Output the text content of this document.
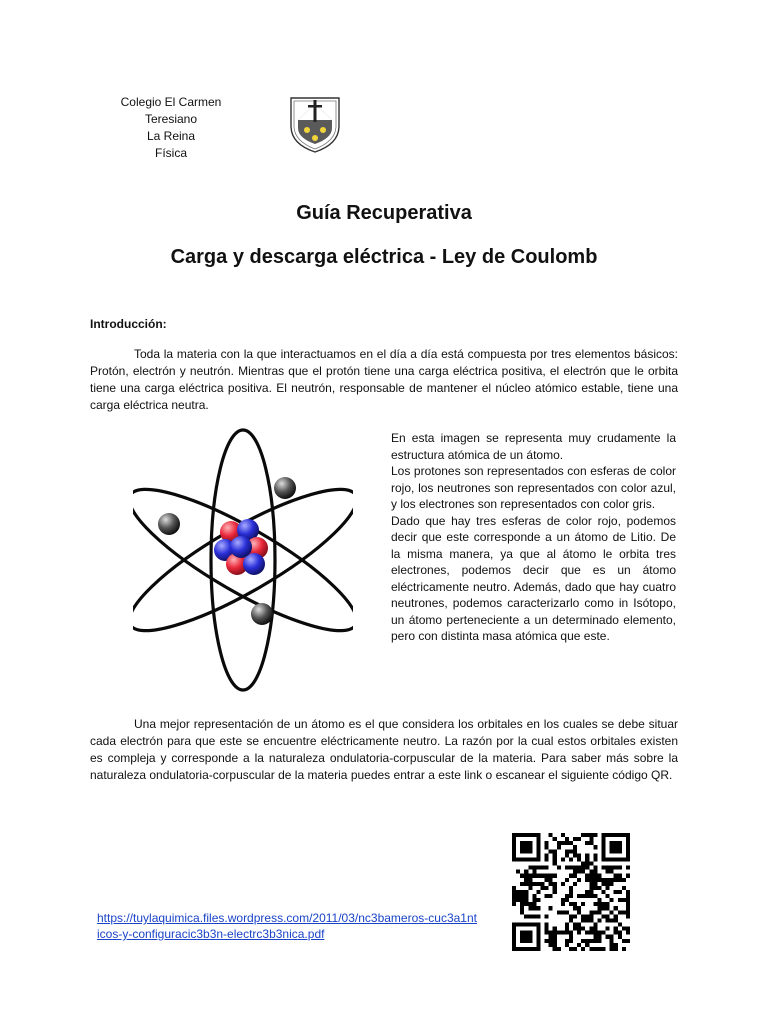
Colegio El Carmen Teresiano
La Reina
Física
Guía Recuperativa
Carga y descarga eléctrica - Ley de Coulomb
Introducción:

Toda la materia con la que interactuamos en el día a día está compuesta por tres elementos básicos: Protón, electrón y neutrón. Mientras que el protón tiene una carga eléctrica positiva, el electrón que le orbita tiene una carga eléctrica positiva. El neutrón, responsable de mantener el núcleo atómico estable, tiene una carga eléctrica neutra.

En esta imagen se representa muy crudamente la estructura atómica de un átomo.

Los protones son representados con esferas de color rojo, los neutrones son representados con color azul, y los electrones son representados con color gris.

Dado que hay tres esferas de color rojo, podemos decir que este corresponde a un átomo de Litio. De la misma manera, ya que al átomo le orbita tres electrones, podemos decir que es un átomo eléctricamente neutro. Además, dado que hay cuatro neutrones, podemos caracterizarlo como in Isótopo, un átomo perteneciente a un determinado elemento, pero con distinta masa atómica que este.

Una mejor representación de un átomo es el que considera los orbitales en los cuales se debe situar cada electrón para que este se encuentre eléctricamente neutro. La razón por la cual estos orbitales existen es compleja y corresponde a la naturaleza ondulatoria-corpuscular de la materia. Para saber más sobre la naturaleza ondulatoria-corpuscular de la materia puedes entrar a este link o escanear el siguiente código QR.

https://tuylaquimica.files.wordpress.com/2011/03/nc3bameros-cuc3a1nticos-y-configuracic3b3n-electrc3b3nica.pdf
